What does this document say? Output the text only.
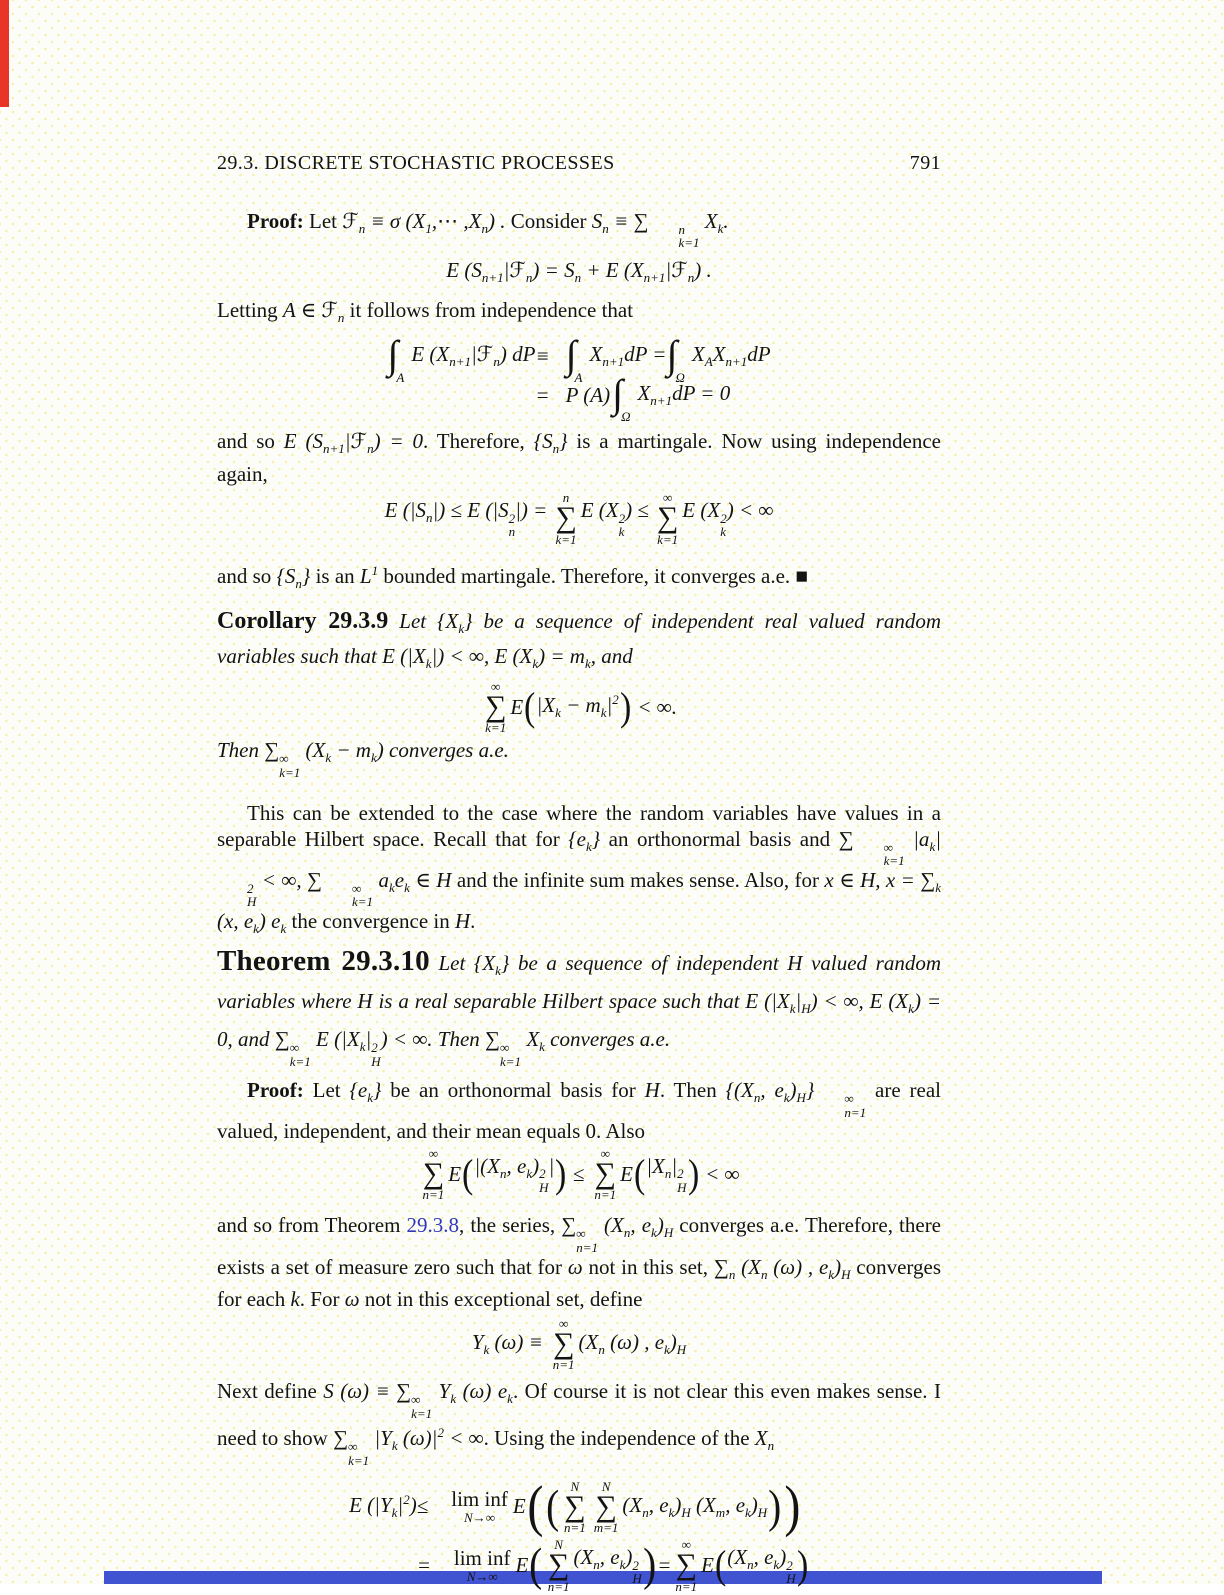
29.3. DISCRETE STOCHASTIC PROCESSES	791
Proof: Let ℱ$_n$ ≡ σ ($X_1,\cdots$ $,X_n$) . Consider $S_n$ ≡ ∑	n
k=1
$X_k$.
E $(S_{n+1}|ℱ_n) = S_n + E$ $(X_{n+1}|ℱ_n)$ .
Letting A ∈ ℱ$_n$ it follows from independence that
$\int_A$
E $(X_{n+1}|ℱ_n)$ dP ≡ $\int_A$
$X_{n+1}dP = \int_\Omega$
$X_AX_{n+1}dP$
= P (A) $\int_\Omega$
$X_{n+1}dP = 0$
and so E $(S_{n+1}|ℱ_n) = 0$. Therefore, $\{S_n\}$ is a martingale. Now using independence again,
E $(|S_n|) \le E$ (|S 2
n
|) =
n
∑
k=1
E (X 2
k
) ≤
∞
∑
k=1
E (X 2
k
) < ∞
and so $\{S_n\}$ is an $L^1$ bounded martingale. Therefore, it converges a.e. ■
Corollary 29.3.9 Let $\{X_k\}$ be a sequence of independent real valued random variables such that E $(|X_k|)$ < ∞, E $(X_k) = m_k$, and
∞
∑
k=1
E ( $|X_k - m_k|^2$ ) < ∞.
Then ∑ ∞
k=1
$(X_k - m_k)$ converges a.e.
This can be extended to the case where the random variables have values in a separable Hilbert space. Recall that for $\{e_k\}$ an orthonormal basis and ∑	∞
k=1
$|a_k|$
2
H
< ∞, ∑	∞
k=1
$a_ke_k$ ∈ H and the infinite sum makes sense. Also, for x ∈ H, $x = \sum_k$ (x, $e_k$) $e_k$ the convergence in H.
Theorem 29.3.10 Let $\{X_k\}$ be a sequence of independent H valued random variables where H is a real separable Hilbert space such that E $(|X_k|_H)$ < ∞, E $(X_k) = 0$, and ∑ ∞
k=1
E ($|X_k|$ 2
H
) < ∞. Then ∑ ∞
k=1
$X_k$ converges a.e.
Proof: Let $\{e_k\}$ be an orthonormal basis for H. Then {($X_n$, $e_k)_H$}	∞
n=1
are real valued, independent, and their mean equals 0. Also
∞
∑
n=1
E ( $|(X_n$, $e_k$) 2
H
| ) ≤
∞
∑
n=1
E ( $|X_n|$ 2
H ) < ∞
and so from Theorem 29.3.8, the series, ∑ ∞
n=1
($X_n$, $e_k)_H$ converges a.e. Therefore, there exists a set of measure zero such that for ω not in this set, $\sum_n$ ($X_n$ (ω) , $e_k)_H$ converges for each k. For ω not in this exceptional set, define
$Y_k$ (ω) ≡
∞
∑
n=1
($X_n$ (ω) , $e_k)_H$
Next define S (ω) ≡ ∑ ∞
k=1
$Y_k$ (ω) $e_k$. Of course it is not clear this even makes sense. I need to show ∑ ∞
k=1
$|Y_k$ $(\omega)|^2$ < ∞. Using the independence of the $X_n$
E $(|Y_k|^2) \le \lim$ inf
N→∞ E ( ( N
∑
n=1
N
∑
m=1
($X_n$, $e_k)_H$ ($X_m$, $e_k)_H$ ) )
= lim inf
N→∞ E ( N
∑
n=1
($X_n$, $e_k$) 2
H ) =
∞
∑
n=1
E ( ($X_n$, $e_k$) 2
H )
